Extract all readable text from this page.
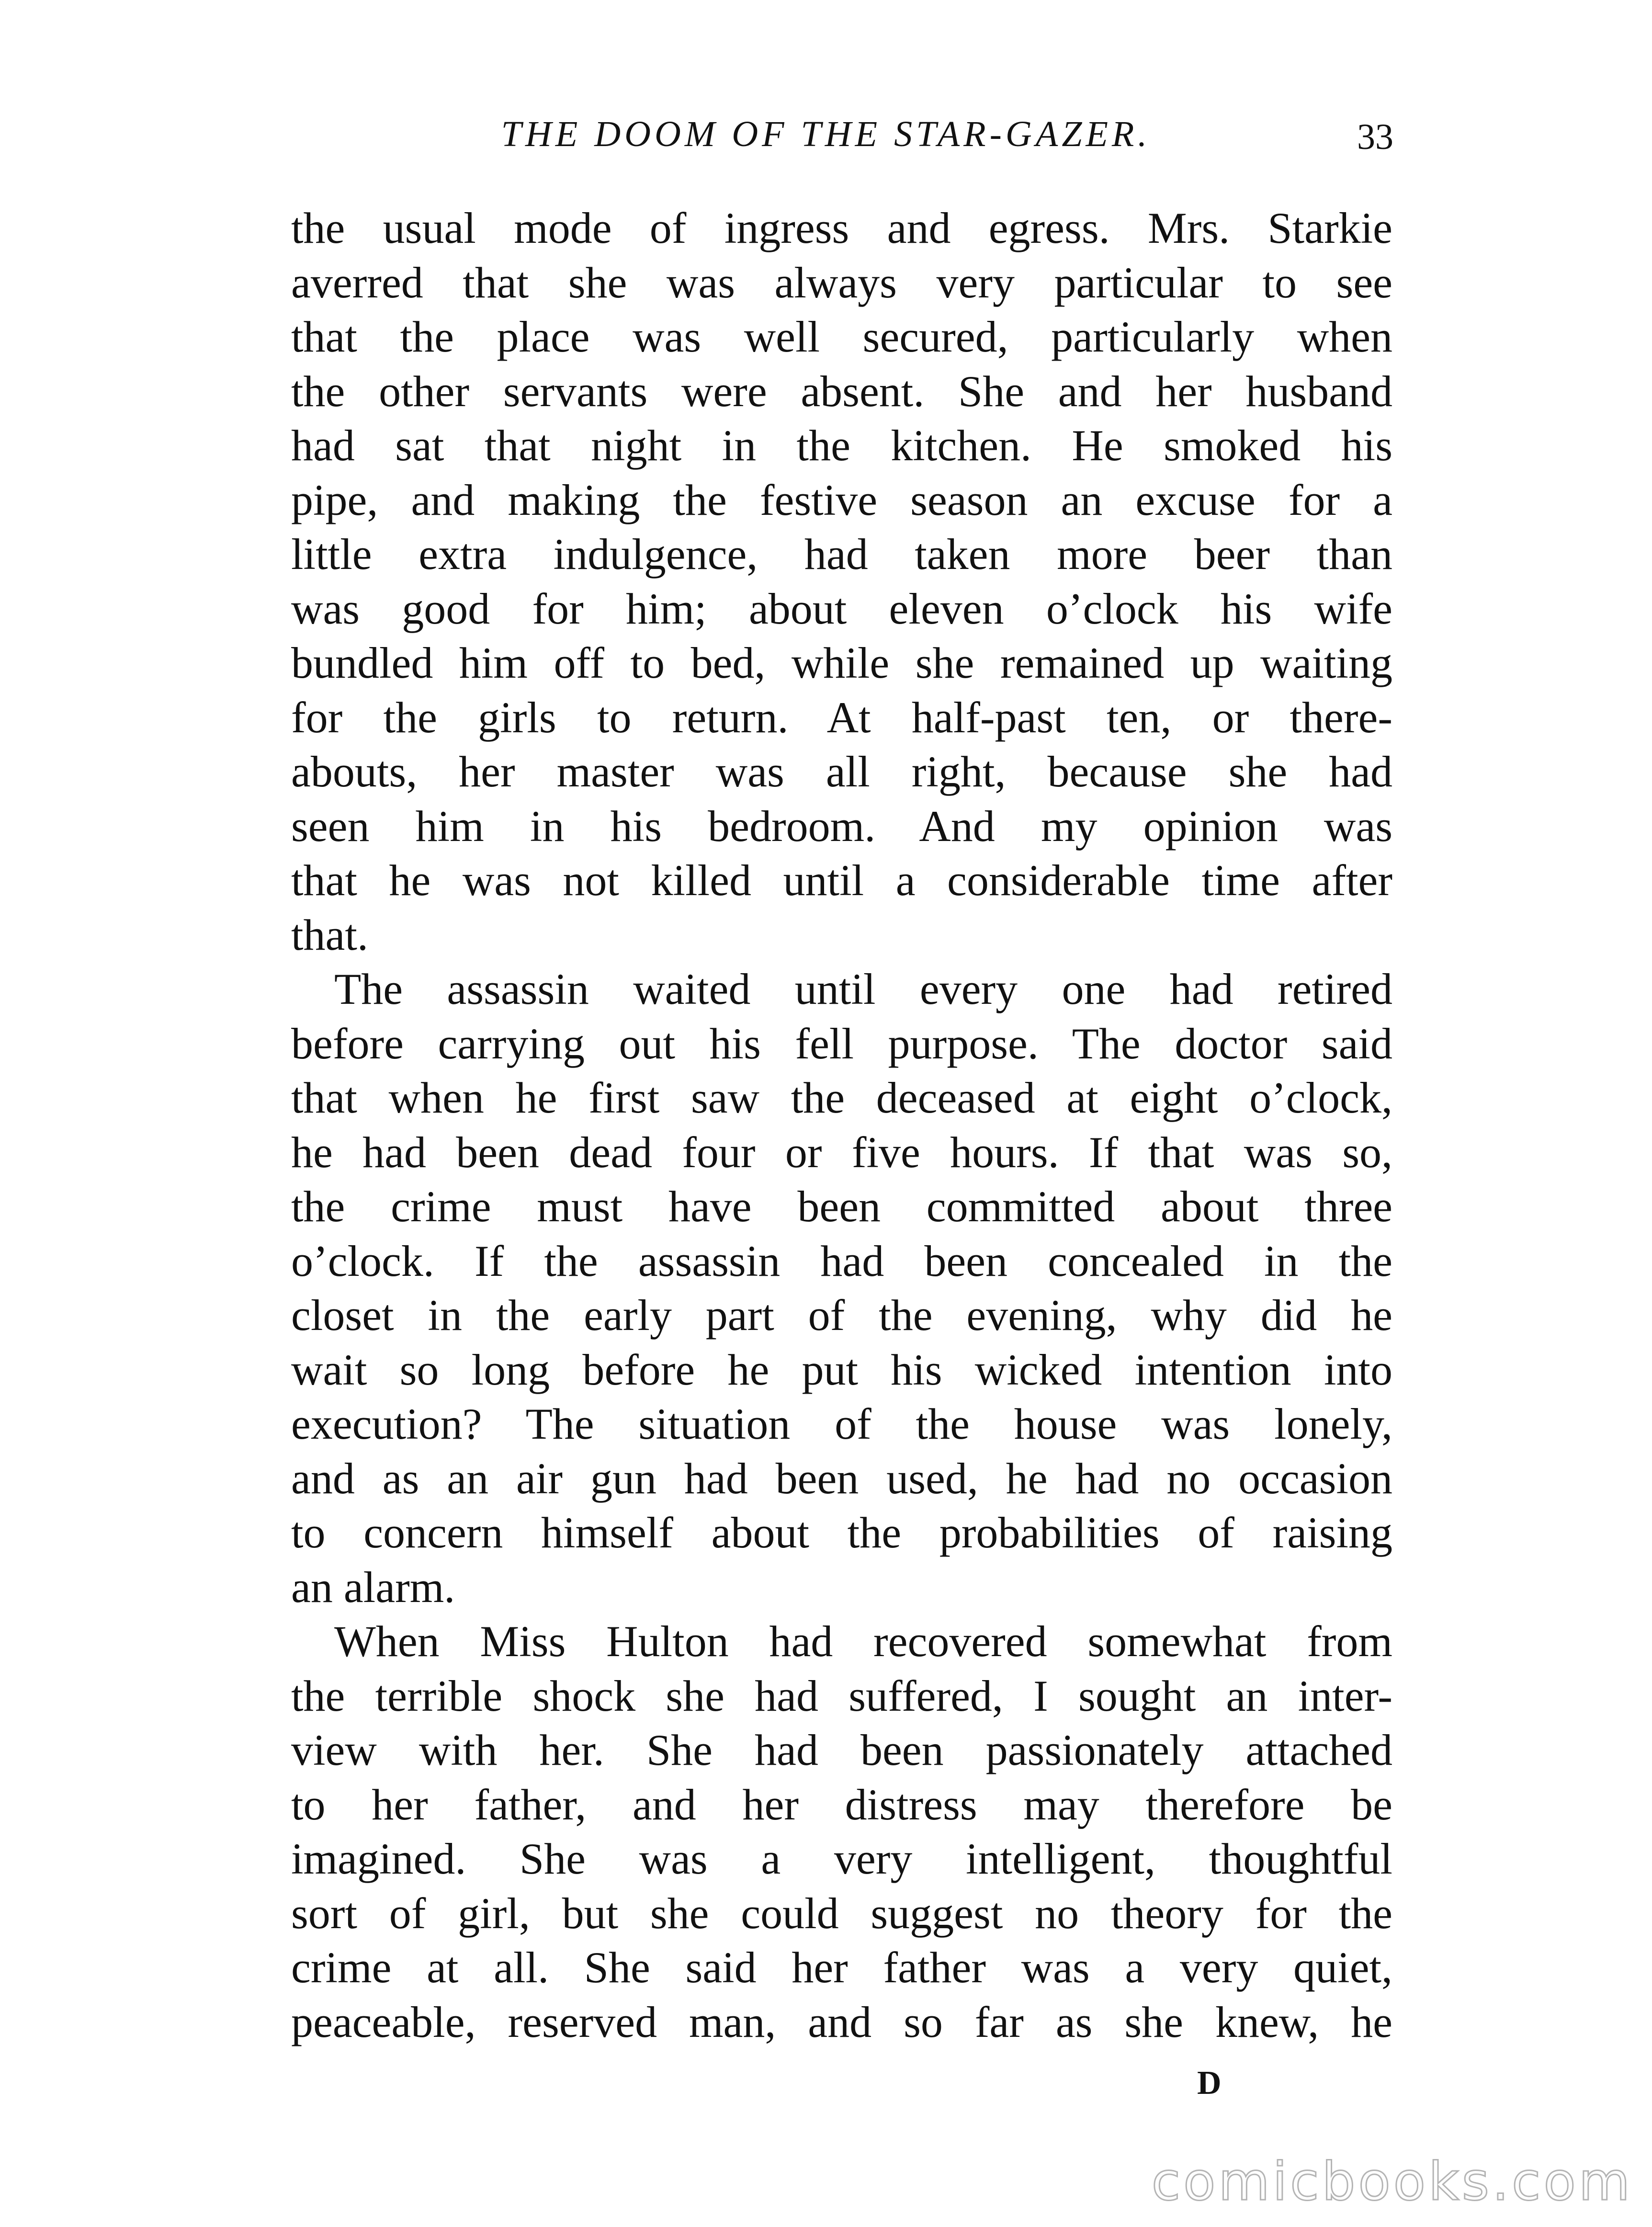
THE DOOM OF THE STAR-GAZER.	33
the usual mode of ingress and egress. Mrs. Starkie
averred that she was always very particular to see
that the place was well secured, particularly when
the other servants were absent. She and her husband
had sat that night in the kitchen. He smoked his
pipe, and making the festive season an excuse for a
little extra indulgence, had taken more beer than
was good for him; about eleven o’clock his wife
bundled him off to bed, while she remained up waiting
for the girls to return. At half-past ten, or there-
abouts, her master was all right, because she had
seen him in his bedroom. And my opinion was
that he was not killed until a considerable time after
that.
The assassin waited until every one had retired
before carrying out his fell purpose. The doctor said
that when he first saw the deceased at eight o’clock,
he had been dead four or five hours. If that was so,
the crime must have been committed about three
o’clock. If the assassin had been concealed in the
closet in the early part of the evening, why did he
wait so long before he put his wicked intention into
execution? The situation of the house was lonely,
and as an air gun had been used, he had no occasion
to concern himself about the probabilities of raising
an alarm.
When Miss Hulton had recovered somewhat from
the terrible shock she had suffered, I sought an inter-
view with her. She had been passionately attached
to her father, and her distress may therefore be
imagined. She was a very intelligent, thoughtful
sort of girl, but she could suggest no theory for the
crime at all. She said her father was a very quiet,
peaceable, reserved man, and so far as she knew, he
D
comicbooks.com
